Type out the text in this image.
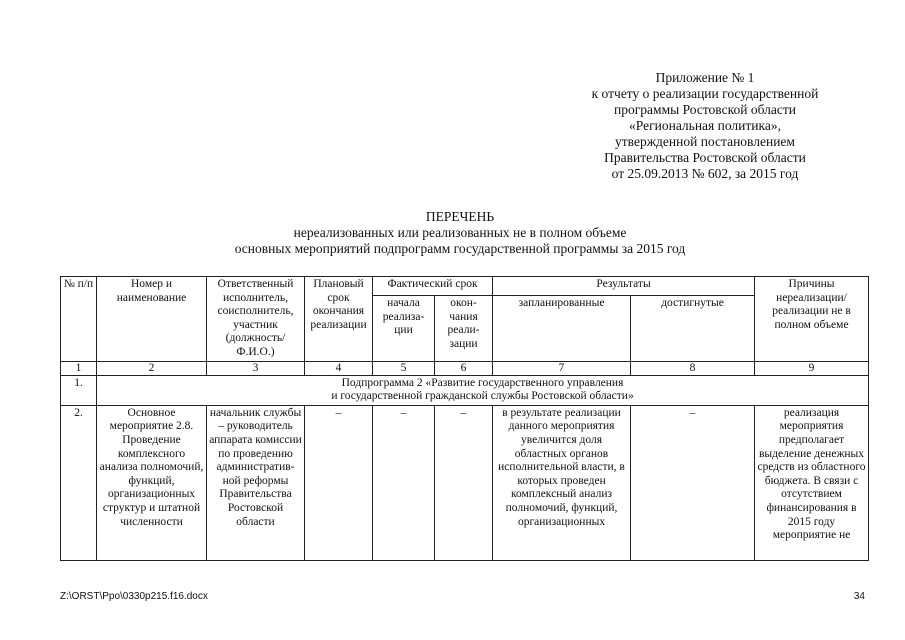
Приложение № 1
к отчету о реализации государственной
программы Ростовской области
«Региональная политика»,
утвержденной постановлением
Правительства Ростовской области
от 25.09.2013 № 602, за 2015 год
ПЕРЕЧЕНЬ
нереализованных или реализованных не в полном объеме
основных мероприятий подпрограмм государственной программы за 2015 год
№ п/п	Номер и наименование	Ответственный исполнитель, соисполнитель, участник (должность/ Ф.И.О.)	Плановый срок окончания реализации	Фактический срок		Результаты		Причины нереализации/ реализации не в полном объеме
				начала реализа- ции	окон- чания реали- зации	запланированные	достигнутые	
1	2	3	4	5	6	7	8	9
1.	Подпрограмма 2 «Развитие государственного управления
и государственной гражданской службы Ростовской области»							

2.	Основное мероприятие 2.8. Проведение комплексного анализа полномочий, функций, организационных структур и штатной численности	начальник службы – руководитель аппарата комиссии по проведению административ- ной реформы Правительства Ростовской области	–	–	–	в результате реализации данного мероприятия увеличится доля областных органов исполнительной власти, в которых проведен комплексный анализ полномочий, функций, организационных	–	реализация мероприятия предполагает выделение денежных средств из областного бюджета. В связи с отсутствием финансирования в 2015 году мероприятие не
Z:\ORST\Ppo\0330p215.f16.docx	34
